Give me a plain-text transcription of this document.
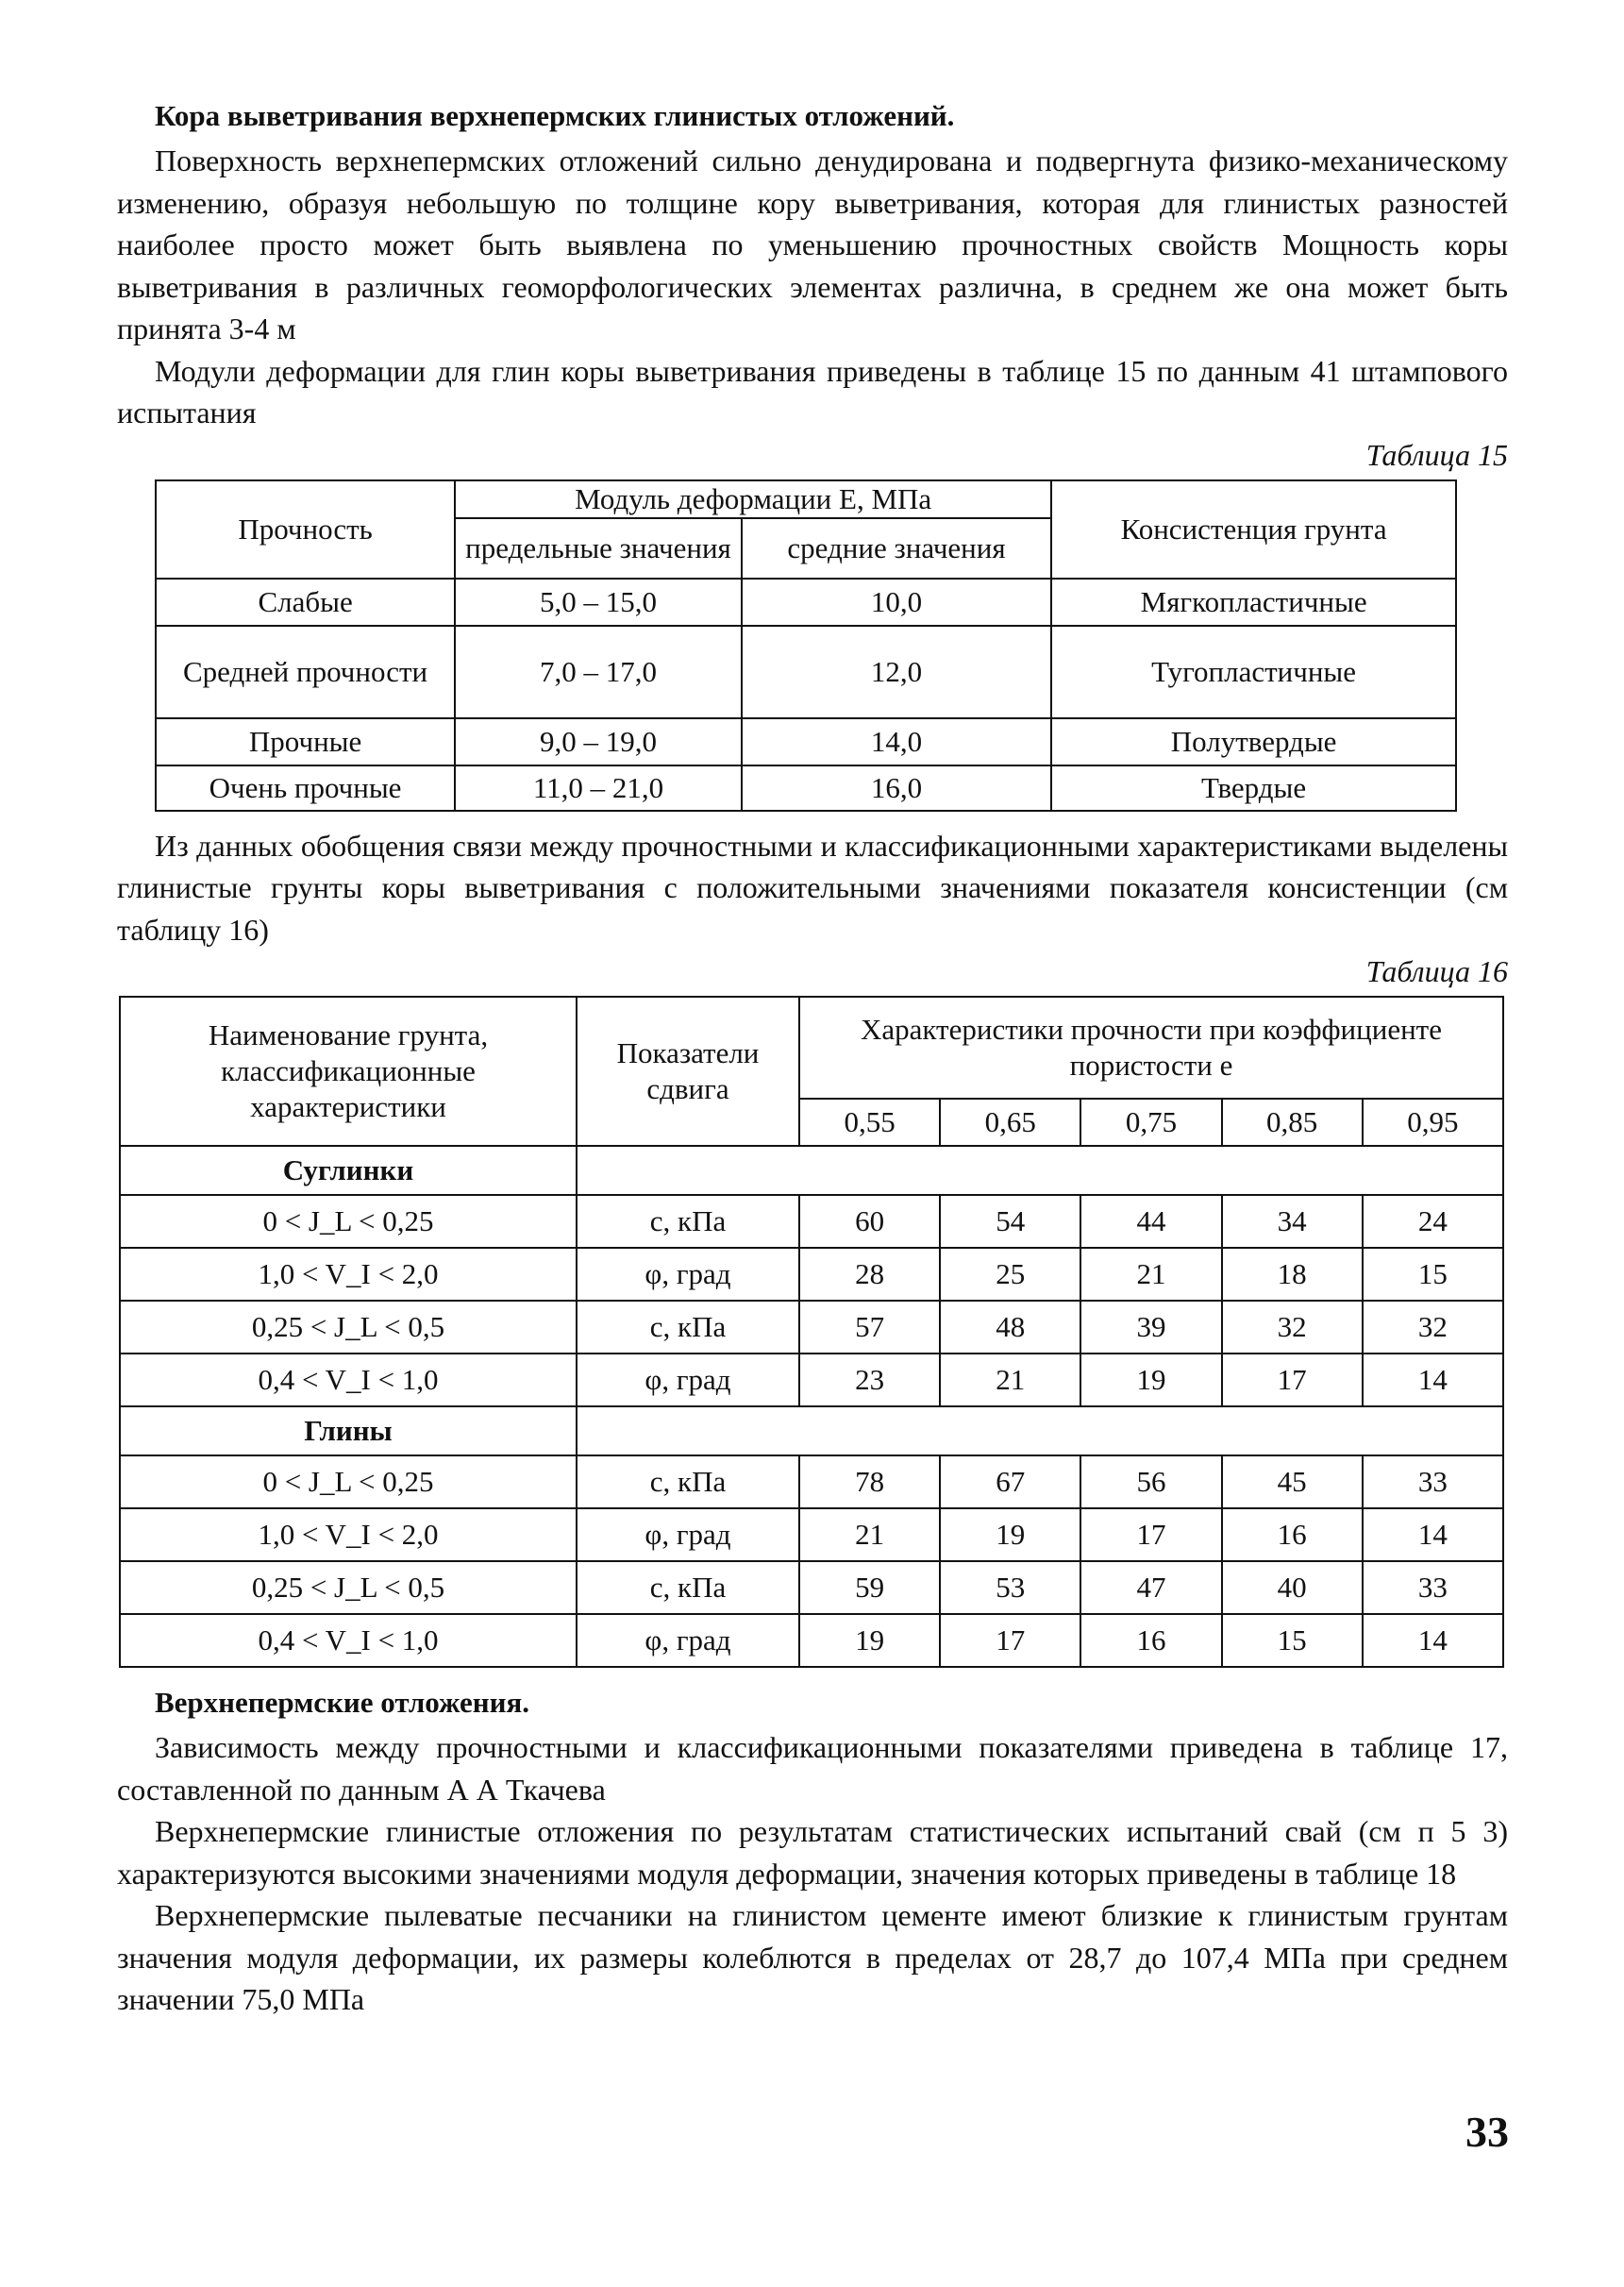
Кора выветривания верхнепермских глинистых отложений.

Поверхность верхнепермских отложений сильно денудирована и подвергнута физико-механическому изменению, образуя небольшую по толщине кору выветривания, которая для глинистых разностей наиболее просто может быть выявлена по уменьшению прочностных свойств Мощность коры выветривания в различных геоморфологических элементах различна, в среднем же она может быть принята 3-4 м

Модули деформации для глин коры выветривания приведены в таблице 15 по данным 41 штампового испытания

Таблица 15
Прочность	Модуль деформации Е, МПа		Консистенция грунта
	предельные значения	средние значения	
Слабые	5,0 – 15,0	10,0	Мягкопластичные
Средней прочности	7,0 – 17,0	12,0	Тугопластичные
Прочные	9,0 – 19,0	14,0	Полутвердые
Очень прочные	11,0 – 21,0	16,0	Твердые

Из данных обобщения связи между прочностными и классификационными характеристиками выделены глинистые грунты коры выветривания с положительными значениями показателя консистенции (см таблицу 16)

Таблица 16
Наименование грунта, классификационные характеристики	Показатели сдвига	Характеристики прочности при коэффициенте пористости е				
		0,55	0,65	0,75	0,85	0,95
Суглинки						
0 < J_L < 0,25	c, кПа	60	54	44	34	24
1,0 < V_I < 2,0	φ, град	28	25	21	18	15
0,25 < J_L < 0,5	c, кПа	57	48	39	32	32
0,4 < V_I < 1,0	φ, град	23	21	19	17	14
Глины						
0 < J_L < 0,25	c, кПа	78	67	56	45	33
1,0 < V_I < 2,0	φ, град	21	19	17	16	14
0,25 < J_L < 0,5	c, кПа	59	53	47	40	33
0,4 < V_I < 1,0	φ, град	19	17	16	15	14
Верхнепермские отложения.

Зависимость между прочностными и классификационными показателями приведена в таблице 17, составленной по данным А А Ткачева

Верхнепермские глинистые отложения по результатам статистических испытаний свай (см п 5 3) характеризуются высокими значениями модуля деформации, значения которых приведены в таблице 18

Верхнепермские пылеватые песчаники на глинистом цементе имеют близкие к глинистым грунтам значения модуля деформации, их размеры колеблются в пределах от 28,7 до 107,4 МПа при среднем значении 75,0 МПа

33
